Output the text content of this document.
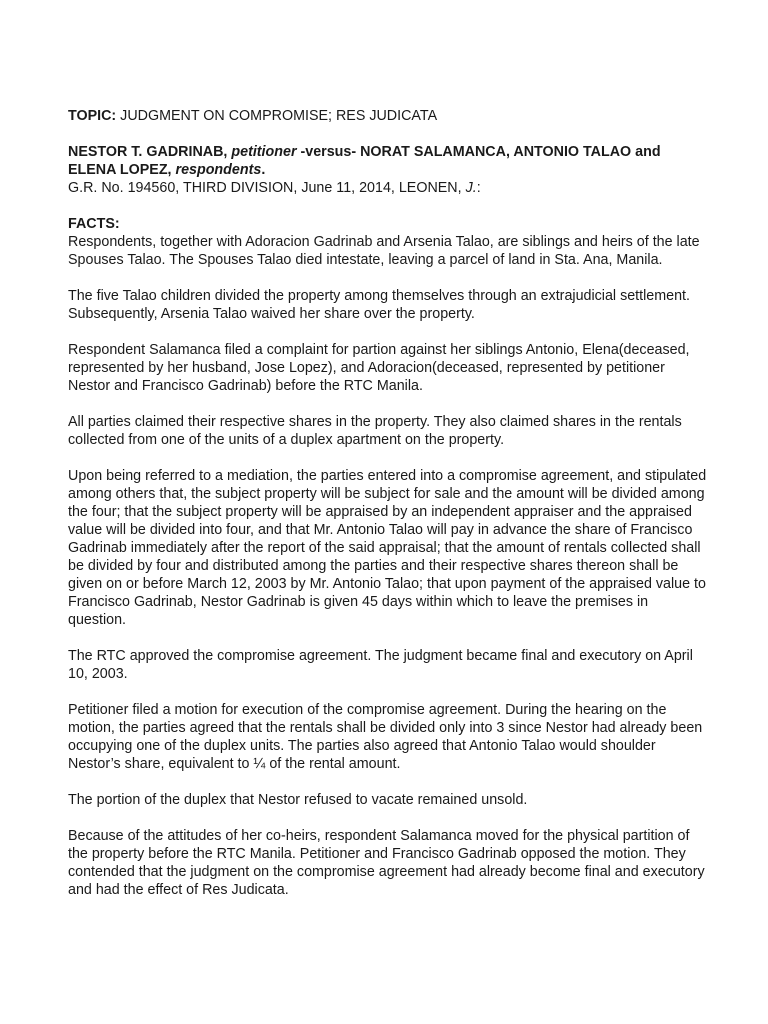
TOPIC: JUDGMENT ON COMPROMISE; RES JUDICATA

NESTOR T. GADRINAB, petitioner -versus- NORAT SALAMANCA, ANTONIO TALAO and ELENA LOPEZ, respondents.

G.R. No. 194560, THIRD DIVISION, June 11, 2014, LEONEN, J.:

FACTS:

Respondents, together with Adoracion Gadrinab and Arsenia Talao, are siblings and heirs of the late Spouses Talao. The Spouses Talao died intestate, leaving a parcel of land in Sta. Ana, Manila.

The five Talao children divided the property among themselves through an extrajudicial settlement. Subsequently, Arsenia Talao waived her share over the property.

Respondent Salamanca filed a complaint for partion against her siblings Antonio, Elena(deceased, represented by her husband, Jose Lopez), and Adoracion(deceased, represented by petitioner Nestor and Francisco Gadrinab) before the RTC Manila.

All parties claimed their respective shares in the property. They also claimed shares in the rentals collected from one of the units of a duplex apartment on the property.

Upon being referred to a mediation, the parties entered into a compromise agreement, and stipulated among others that, the subject property will be subject for sale and the amount will be divided among the four; that the subject property will be appraised by an independent appraiser and the appraised value will be divided into four, and that Mr. Antonio Talao will pay in advance the share of Francisco Gadrinab immediately after the report of the said appraisal; that the amount of rentals collected shall be divided by four and distributed among the parties and their respective shares thereon shall be given on or before March 12, 2003 by Mr. Antonio Talao; that upon payment of the appraised value to Francisco Gadrinab, Nestor Gadrinab is given 45 days within which to leave the premises in question.

The RTC approved the compromise agreement. The judgment became final and executory on April 10, 2003.

Petitioner filed a motion for execution of the compromise agreement. During the hearing on the motion, the parties agreed that the rentals shall be divided only into 3 since Nestor had already been occupying one of the duplex units. The parties also agreed that Antonio Talao would shoulder Nestor’s share, equivalent to ¼ of the rental amount.

The portion of the duplex that Nestor refused to vacate remained unsold.

Because of the attitudes of her co-heirs, respondent Salamanca moved for the physical partition of the property before the RTC Manila. Petitioner and Francisco Gadrinab opposed the motion. They contended that the judgment on the compromise agreement had already become final and executory and had the effect of Res Judicata.
